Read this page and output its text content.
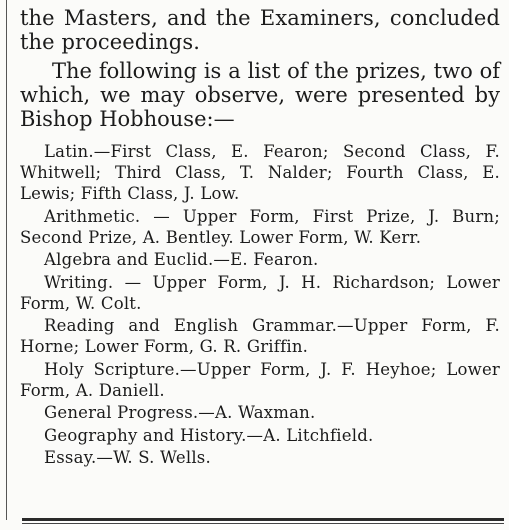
the Masters, and the Examiners, concluded the proceedings.

The following is a list of the prizes, two of which, we may observe, were presented by Bishop Hobhouse:—

Latin.—First Class, E. Fearon; Second Class, F. Whitwell; Third Class, T. Nalder; Fourth Class, E. Lewis; Fifth Class, J. Low.

Arithmetic. — Upper Form, First Prize, J. Burn; Second Prize, A. Bentley. Lower Form, W. Kerr.

Algebra and Euclid.—E. Fearon.

Writing. — Upper Form, J. H. Richardson; Lower Form, W. Colt.

Reading and English Grammar.—Upper Form, F. Horne; Lower Form, G. R. Griffin.

Holy Scripture.—Upper Form, J. F. Heyhoe; Lower Form, A. Daniell.

General Progress.—A. Waxman.

Geography and History.—A. Litchfield.

Essay.—W. S. Wells.
